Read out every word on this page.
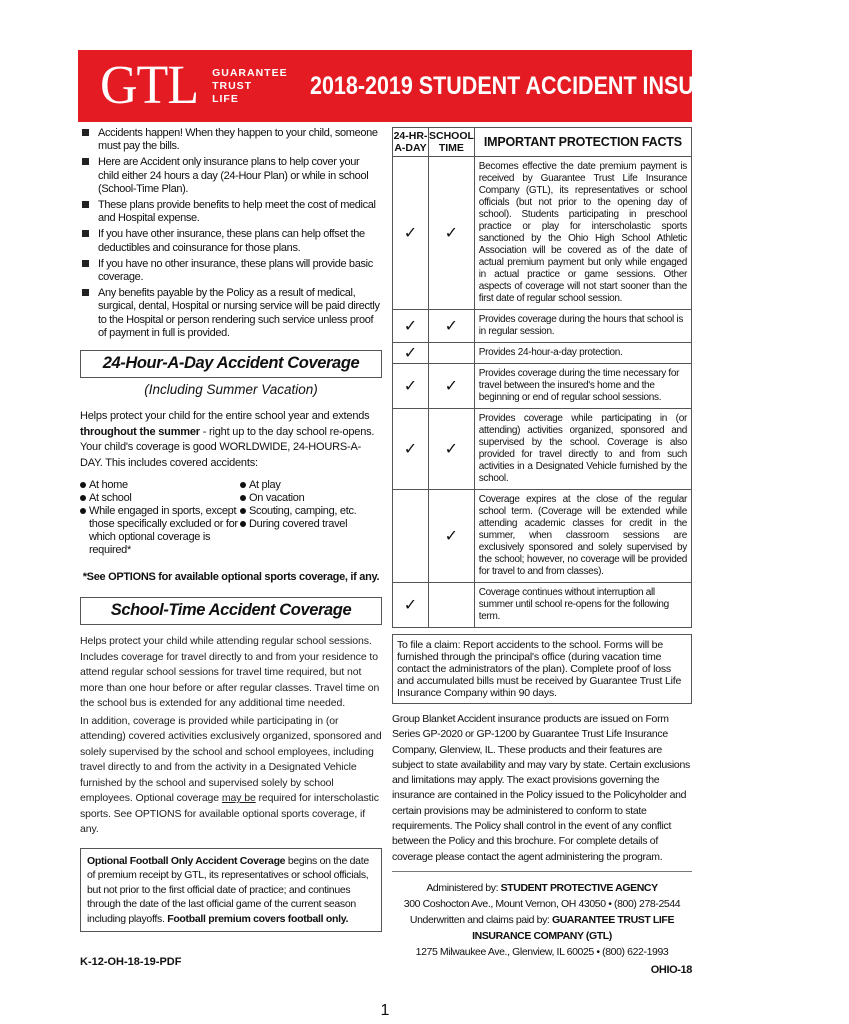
GTL GUARANTEE
TRUST
LIFE	2018-2019 STUDENT ACCIDENT INSURANCE PLANS
Accidents happen! When they happen to your child, someone must pay the bills.
Here are Accident only insurance plans to help cover your child either 24 hours a day (24-Hour Plan) or while in school (School-Time Plan).
These plans provide benefits to help meet the cost of medical and Hospital expense.
If you have other insurance, these plans can help offset the deductibles and coinsurance for those plans.
If you have no other insurance, these plans will provide basic coverage.
Any benefits payable by the Policy as a result of medical, surgical, dental, Hospital or nursing service will be paid directly to the Hospital or person rendering such service unless proof of payment in full is provided.
24-Hour-A-Day Accident Coverage
(Including Summer Vacation)
Helps protect your child for the entire school year and extends throughout the summer - right up to the day school re-opens. Your child's coverage is good WORLDWIDE, 24-HOURS-A-DAY. This includes covered accidents:
At home
At school
While engaged in sports, except those specifically excluded or for which optional coverage is required*
At play
On vacation
Scouting, camping, etc.
During covered travel
*See OPTIONS for available optional sports coverage, if any.
School-Time Accident Coverage
Helps protect your child while attending regular school sessions. Includes coverage for travel directly to and from your residence to attend regular school sessions for travel time required, but not more than one hour before or after regular classes. Travel time on the school bus is extended for any additional time needed.
In addition, coverage is provided while participating in (or attending) covered activities exclusively organized, sponsored and solely supervised by the school and school employees, including travel directly to and from the activity in a Designated Vehicle furnished by the school and supervised solely by school employees. Optional coverage may be required for interscholastic sports. See OPTIONS for available optional sports coverage, if any.
Optional Football Only Accident Coverage begins on the date of premium receipt by GTL, its representatives or school officials, but not prior to the first official date of practice; and continues through the date of the last official game of the current season including playoffs. Football premium covers football only.
K-12-OH-18-19-PDF
24-HR-A-DAY	SCHOOL TIME	IMPORTANT PROTECTION FACTS
✓	✓	Becomes effective the date premium payment is received by Guarantee Trust Life Insurance Company (GTL), its representatives or school officials (but not prior to the opening day of school). Students participating in preschool practice or play for interscholastic sports sanctioned by the Ohio High School Athletic Association will be covered as of the date of actual premium payment but only while engaged in actual practice or game sessions. Other aspects of coverage will not start sooner than the first date of regular school session.
✓	✓	Provides coverage during the hours that school is in regular session.
✓		Provides 24-hour-a-day protection.
✓	✓	Provides coverage during the time necessary for travel between the insured's home and the beginning or end of regular school sessions.
✓	✓	Provides coverage while participating in (or attending) activities organized, sponsored and supervised by the school. Coverage is also provided for travel directly to and from such activities in a Designated Vehicle furnished by the school.
	✓	Coverage expires at the close of the regular school term. (Coverage will be extended while attending academic classes for credit in the summer, when classroom sessions are exclusively sponsored and solely supervised by the school; however, no coverage will be provided for travel to and from classes).
✓		Coverage continues without interruption all summer until school re-opens for the following term.
To file a claim: Report accidents to the school. Forms will be furnished through the principal's office (during vacation time contact the administrators of the plan). Complete proof of loss and accumulated bills must be received by Guarantee Trust Life Insurance Company within 90 days.
Group Blanket Accident insurance products are issued on Form Series GP-2020 or GP-1200 by Guarantee Trust Life Insurance Company, Glenview, IL. These products and their features are subject to state availability and may vary by state. Certain exclusions and limitations may apply. The exact provisions governing the insurance are contained in the Policy issued to the Policyholder and certain provisions may be administered to conform to state requirements. The Policy shall control in the event of any conflict between the Policy and this brochure. For complete details of coverage please contact the agent administering the program.
Administered by: STUDENT PROTECTIVE AGENCY
300 Coshocton Ave., Mount Vernon, OH 43050 • (800) 278-2544
Underwritten and claims paid by: GUARANTEE TRUST LIFE INSURANCE COMPANY (GTL)
1275 Milwaukee Ave., Glenview, IL 60025 • (800) 622-1993
OHIO-18
1
